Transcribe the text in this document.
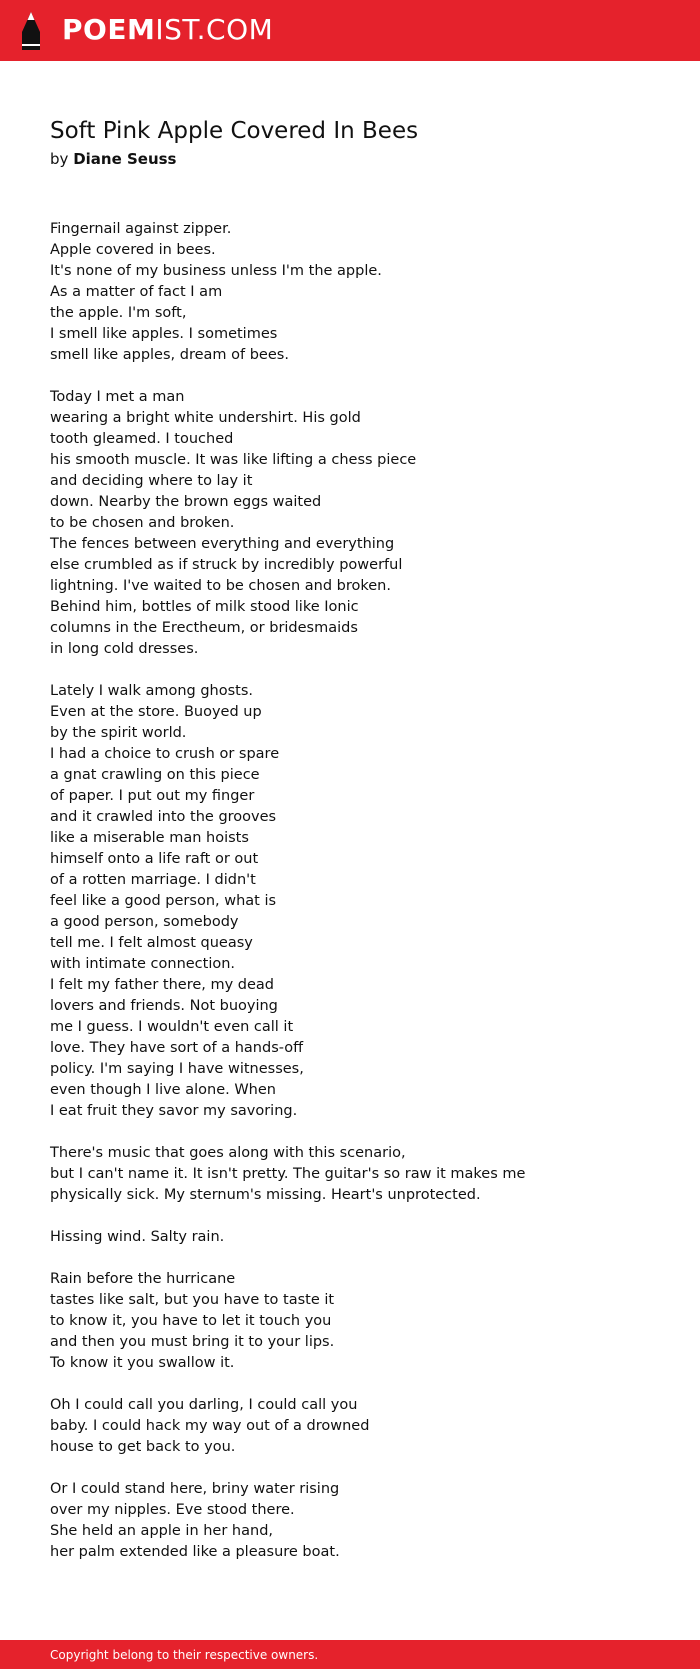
POEMIST.COM
Soft Pink Apple Covered In Bees
by Diane Seuss
Fingernail against zipper.
Apple covered in bees.
It's none of my business unless I'm the apple.
As a matter of fact I am
the apple. I'm soft,
I smell like apples. I sometimes
smell like apples, dream of bees.
Today I met a man
wearing a bright white undershirt. His gold
tooth gleamed. I touched
his smooth muscle. It was like lifting a chess piece
and deciding where to lay it
down. Nearby the brown eggs waited
to be chosen and broken.
The fences between everything and everything
else crumbled as if struck by incredibly powerful
lightning. I've waited to be chosen and broken.
Behind him, bottles of milk stood like Ionic
columns in the Erectheum, or bridesmaids
in long cold dresses.
Lately I walk among ghosts.
Even at the store. Buoyed up
by the spirit world.
I had a choice to crush or spare
a gnat crawling on this piece
of paper. I put out my finger
and it crawled into the grooves
like a miserable man hoists
himself onto a life raft or out
of a rotten marriage. I didn't
feel like a good person, what is
a good person, somebody
tell me. I felt almost queasy
with intimate connection.
I felt my father there, my dead
lovers and friends. Not buoying
me I guess. I wouldn't even call it
love. They have sort of a hands-off
policy. I'm saying I have witnesses,
even though I live alone. When
I eat fruit they savor my savoring.
There's music that goes along with this scenario,
but I can't name it. It isn't pretty. The guitar's so raw it makes me
physically sick. My sternum's missing. Heart's unprotected.
Hissing wind. Salty rain.
Rain before the hurricane
tastes like salt, but you have to taste it
to know it, you have to let it touch you
and then you must bring it to your lips.
To know it you swallow it.
Oh I could call you darling, I could call you
baby. I could hack my way out of a drowned
house to get back to you.
Or I could stand here, briny water rising
over my nipples. Eve stood there.
She held an apple in her hand,
her palm extended like a pleasure boat.
Copyright belong to their respective owners.
